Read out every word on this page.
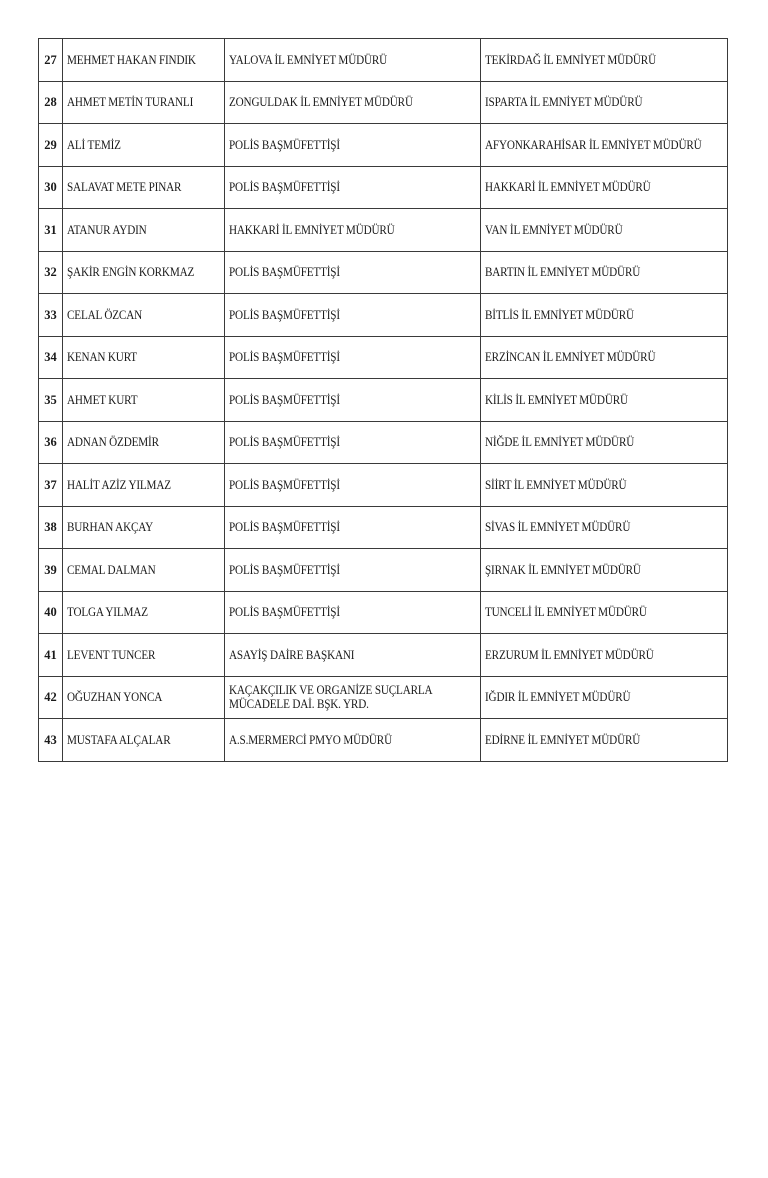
27	MEHMET HAKAN FINDIK	YALOVA İL EMNİYET MÜDÜRÜ	TEKİRDAĞ İL EMNİYET MÜDÜRÜ
28	AHMET METİN TURANLI	ZONGULDAK İL EMNİYET MÜDÜRÜ	ISPARTA İL EMNİYET MÜDÜRÜ
29	ALİ TEMİZ	POLİS BAŞMÜFETTİŞİ	AFYONKARAHİSAR İL EMNİYET MÜDÜRÜ
30	SALAVAT METE PINAR	POLİS BAŞMÜFETTİŞİ	HAKKARİ İL EMNİYET MÜDÜRÜ
31	ATANUR AYDIN	HAKKARİ İL EMNİYET MÜDÜRÜ	VAN İL EMNİYET MÜDÜRÜ
32	ŞAKİR ENGİN KORKMAZ	POLİS BAŞMÜFETTİŞİ	BARTIN İL EMNİYET MÜDÜRÜ
33	CELAL ÖZCAN	POLİS BAŞMÜFETTİŞİ	BİTLİS İL EMNİYET MÜDÜRÜ
34	KENAN KURT	POLİS BAŞMÜFETTİŞİ	ERZİNCAN İL EMNİYET MÜDÜRÜ
35	AHMET KURT	POLİS BAŞMÜFETTİŞİ	KİLİS İL EMNİYET MÜDÜRÜ
36	ADNAN ÖZDEMİR	POLİS BAŞMÜFETTİŞİ	NİĞDE İL EMNİYET MÜDÜRÜ
37	HALİT AZİZ YILMAZ	POLİS BAŞMÜFETTİŞİ	SİİRT İL EMNİYET MÜDÜRÜ
38	BURHAN AKÇAY	POLİS BAŞMÜFETTİŞİ	SİVAS İL EMNİYET MÜDÜRÜ
39	CEMAL DALMAN	POLİS BAŞMÜFETTİŞİ	ŞIRNAK İL EMNİYET MÜDÜRÜ
40	TOLGA YILMAZ	POLİS BAŞMÜFETTİŞİ	TUNCELİ İL EMNİYET MÜDÜRÜ
41	LEVENT TUNCER	ASAYİŞ DAİRE BAŞKANI	ERZURUM İL EMNİYET MÜDÜRÜ
42	OĞUZHAN YONCA	KAÇAKÇILIK VE ORGANİZE SUÇLARLA MÜCADELE DAİ. BŞK. YRD.	IĞDIR İL EMNİYET MÜDÜRÜ
43	MUSTAFA ALÇALAR	A.S.MERMERCİ PMYO MÜDÜRÜ	EDİRNE İL EMNİYET MÜDÜRÜ
